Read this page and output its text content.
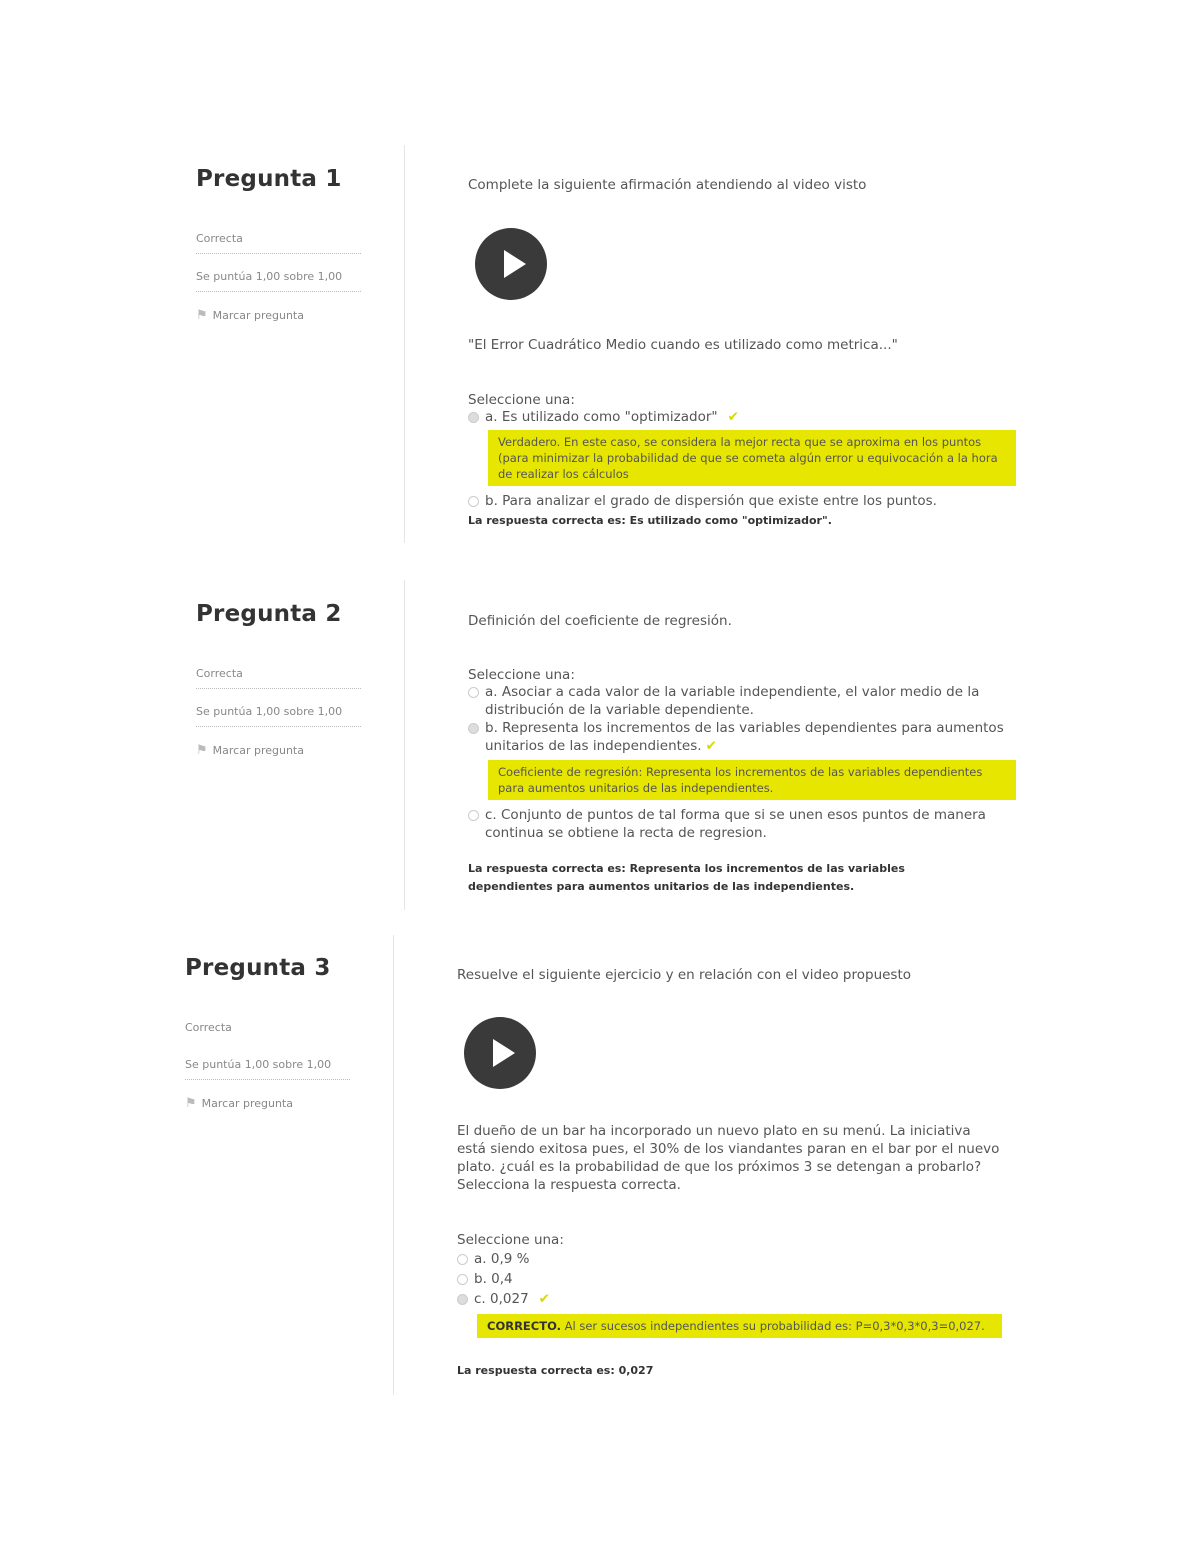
Pregunta 1
Correcta
Se puntúa 1,00 sobre 1,00
⚑ Marcar pregunta

Complete la siguiente afirmación atendiendo al video visto

"El Error Cuadrático Medio cuando es utilizado como metrica..."

Seleccione una:
a. Es utilizado como "optimizador" ✔
Verdadero. En este caso, se considera la mejor recta que se aproxima en los puntos (para minimizar la probabilidad de que se cometa algún error u equivocación a la hora de realizar los cálculos
b. Para analizar el grado de dispersión que existe entre los puntos.
La respuesta correcta es: Es utilizado como "optimizador".
Pregunta 2
Correcta
Se puntúa 1,00 sobre 1,00
⚑ Marcar pregunta

Definición del coeficiente de regresión.

Seleccione una:
a. Asociar a cada valor de la variable independiente, el valor medio de la distribución de la variable dependiente.
b. Representa los incrementos de las variables dependientes para aumentos unitarios de las independientes. ✔
Coeficiente de regresión: Representa los incrementos de las variables dependientes para aumentos unitarios de las independientes.
c. Conjunto de puntos de tal forma que si se unen esos puntos de manera continua se obtiene la recta de regresion.
La respuesta correcta es: Representa los incrementos de las variables dependientes para aumentos unitarios de las independientes.
Pregunta 3
Correcta
Se puntúa 1,00 sobre 1,00
⚑ Marcar pregunta

Resuelve el siguiente ejercicio y en relación con el video propuesto

El dueño de un bar ha incorporado un nuevo plato en su menú. La iniciativa está siendo exitosa pues, el 30% de los viandantes paran en el bar por el nuevo plato. ¿cuál es la probabilidad de que los próximos 3 se detengan a probarlo? Selecciona la respuesta correcta.

Seleccione una:
a. 0,9 %
b. 0,4
c. 0,027 ✔
CORRECTO. Al ser sucesos independientes su probabilidad es: P=0,3*0,3*0,3=0,027.
La respuesta correcta es: 0,027
